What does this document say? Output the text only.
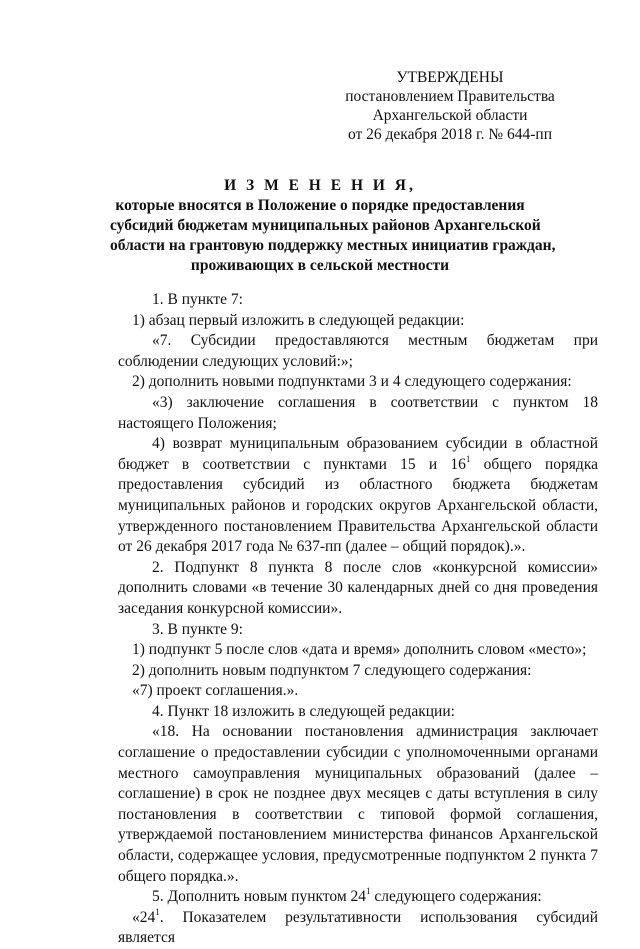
УТВЕРЖДЕНЫ
постановлением Правительства
Архангельской области
от 26 декабря 2018 г. № 644-пп
И З М Е Н Е Н И Я,
которые вносятся в Положение о порядке предоставления
субсидий бюджетам муниципальных районов Архангельской
области на грантовую поддержку местных инициатив граждан,
проживающих в сельской местности

1. В пункте 7:

1) абзац первый изложить в следующей редакции:

«7. Субсидии предоставляются местным бюджетам при соблюдении следующих условий:»;

2) дополнить новыми подпунктами 3 и 4 следующего содержания:

«3) заключение соглашения в соответствии с пунктом 18 настоящего Положения;

4) возврат муниципальным образованием субсидии в областной бюджет в соответствии с пунктами 15 и $16^1$ общего порядка предоставления субсидий из областного бюджета бюджетам муниципальных районов и городских округов Архангельской области, утвержденного постановлением Правительства Архангельской области от 26 декабря 2017 года № 637-пп (далее – общий порядок).».

2. Подпункт 8 пункта 8 после слов «конкурсной комиссии» дополнить словами «в течение 30 календарных дней со дня проведения заседания конкурсной комиссии».

3. В пункте 9:

1) подпункт 5 после слов «дата и время» дополнить словом «место»;

2) дополнить новым подпунктом 7 следующего содержания:

«7) проект соглашения.».

4. Пункт 18 изложить в следующей редакции:

«18. На основании постановления администрация заключает соглашение о предоставлении субсидии с уполномоченными органами местного самоуправления муниципальных образований (далее – соглашение) в срок не позднее двух месяцев с даты вступления в силу постановления в соответствии с типовой формой соглашения, утверждаемой постановлением министерства финансов Архангельской области, содержащее условия, предусмотренные подпунктом 2 пункта 7 общего порядка.».

5. Дополнить новым пунктом $24^1$ следующего содержания:

«$24^1$. Показателем результативности использования субсидий является
